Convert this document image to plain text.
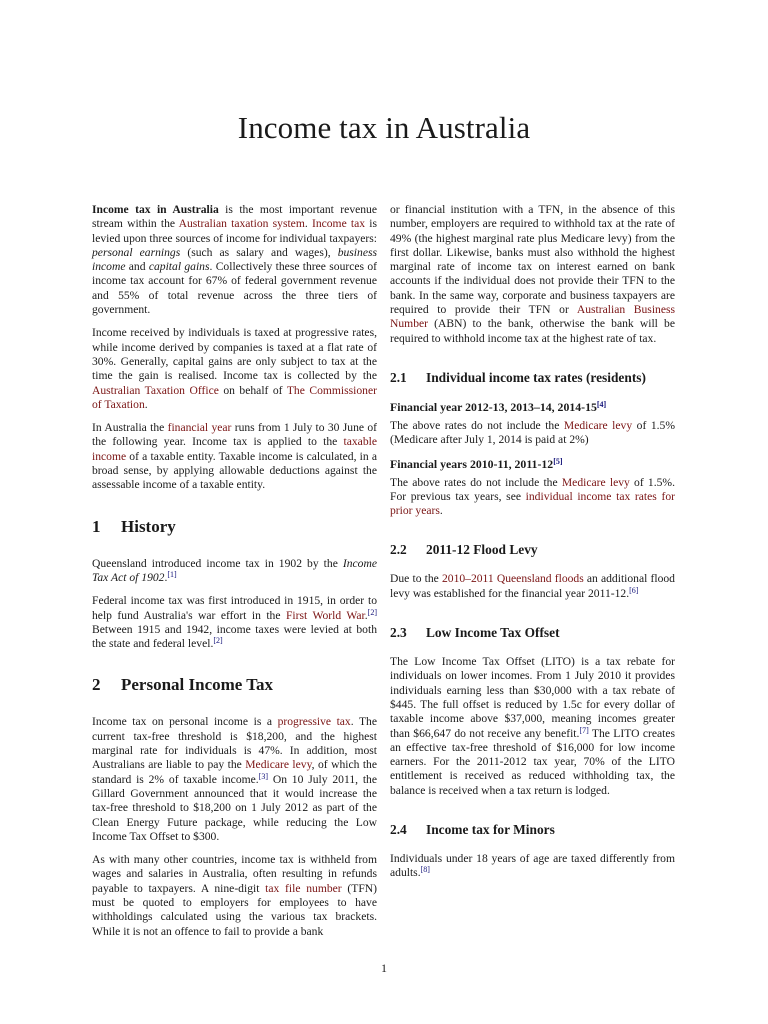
Income tax in Australia

Income tax in Australia is the most important revenue stream within the Australian taxation system. Income tax is levied upon three sources of income for individual taxpayers: personal earnings (such as salary and wages), business income and capital gains. Collectively these three sources of income tax account for 67% of federal government revenue and 55% of total revenue across the three tiers of government.

Income received by individuals is taxed at progressive rates, while income derived by companies is taxed at a flat rate of 30%. Generally, capital gains are only subject to tax at the time the gain is realised. Income tax is collected by the Australian Taxation Office on behalf of The Commissioner of Taxation.

In Australia the financial year runs from 1 July to 30 June of the following year. Income tax is applied to the taxable income of a taxable entity. Taxable income is calculated, in a broad sense, by applying allowable deductions against the assessable income of a taxable entity.

1 History

Queensland introduced income tax in 1902 by the Income Tax Act of 1902.[1]

Federal income tax was first introduced in 1915, in order to help fund Australia's war effort in the First World War.[2] Between 1915 and 1942, income taxes were levied at both the state and federal level.[2]

2 Personal Income Tax

Income tax on personal income is a progressive tax. The current tax-free threshold is $18,200, and the highest marginal rate for individuals is 47%. In addition, most Australians are liable to pay the Medicare levy, of which the standard is 2% of taxable income.[3] On 10 July 2011, the Gillard Government announced that it would increase the tax-free threshold to $18,200 on 1 July 2012 as part of the Clean Energy Future package, while reducing the Low Income Tax Offset to $300.

As with many other countries, income tax is withheld from wages and salaries in Australia, often resulting in refunds payable to taxpayers. A nine-digit tax file number (TFN) must be quoted to employers for employees to have withholdings calculated using the various tax brackets. While it is not an offence to fail to provide a bank

or financial institution with a TFN, in the absence of this number, employers are required to withhold tax at the rate of 49% (the highest marginal rate plus Medicare levy) from the first dollar. Likewise, banks must also withhold the highest marginal rate of income tax on interest earned on bank accounts if the individual does not provide their TFN to the bank. In the same way, corporate and business taxpayers are required to provide their TFN or Australian Business Number (ABN) to the bank, otherwise the bank will be required to withhold income tax at the highest rate of tax.

2.1 Individual income tax rates (residents)
Financial year 2012-13, 2013–14, 2014-15[4]

The above rates do not include the Medicare levy of 1.5% (Medicare after July 1, 2014 is paid at 2%)

Financial years 2010-11, 2011-12[5]

The above rates do not include the Medicare levy of 1.5%. For previous tax years, see individual income tax rates for prior years.

2.2 2011-12 Flood Levy

Due to the 2010–2011 Queensland floods an additional flood levy was established for the financial year 2011-12.[6]

2.3 Low Income Tax Offset

The Low Income Tax Offset (LITO) is a tax rebate for individuals on lower incomes. From 1 July 2010 it provides individuals earning less than $30,000 with a tax rebate of $445. The full offset is reduced by 1.5c for every dollar of taxable income above $37,000, meaning incomes greater than $66,647 do not receive any benefit.[7] The LITO creates an effective tax-free threshold of $16,000 for low income earners. For the 2011-2012 tax year, 70% of the LITO entitlement is received as reduced withholding tax, the balance is received when a tax return is lodged.

2.4 Income tax for Minors

Individuals under 18 years of age are taxed differently from adults.[8]

1
